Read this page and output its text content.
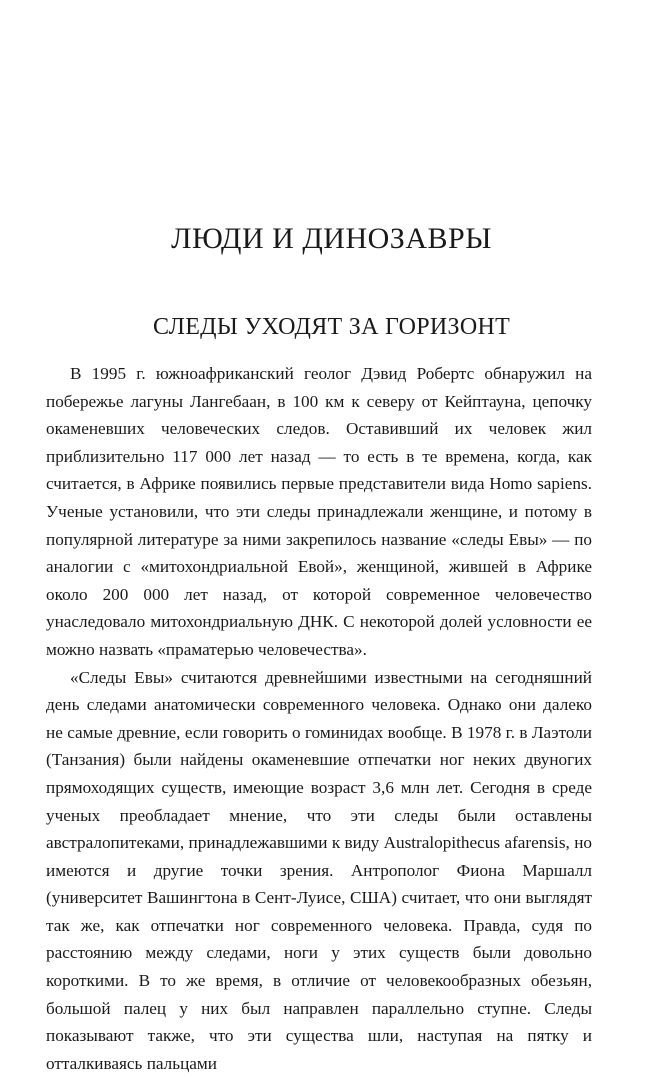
ЛЮДИ И ДИНОЗАВРЫ
СЛЕДЫ УХОДЯТ ЗА ГОРИЗОНТ

В 1995 г. южноафриканский геолог Дэвид Робертс обнаружил на побережье лагуны Лангебаан, в 100 км к северу от Кейптауна, цепочку окаменевших человеческих следов. Оставивший их человек жил приблизительно 117 000 лет назад — то есть в те времена, когда, как считается, в Африке появились первые представители вида Homo sapiens. Ученые установили, что эти следы принадлежали женщине, и потому в популярной литературе за ними закрепилось название «следы Евы» — по аналогии с «митохондриальной Евой», женщиной, жившей в Африке около 200 000 лет назад, от которой современное человечество унаследовало митохондриальную ДНК. С некоторой долей условности ее можно назвать «праматерью человечества».

«Следы Евы» считаются древнейшими известными на сегодняшний день следами анатомически современного человека. Однако они далеко не самые древние, если говорить о гоминидах вообще. В 1978 г. в Лаэтоли (Танзания) были найдены окаменевшие отпечатки ног неких двуногих прямоходящих существ, имеющие возраст 3,6 млн лет. Сегодня в среде ученых преобладает мнение, что эти следы были оставлены австралопитеками, принадлежавшими к виду Australopithecus afarensis, но имеются и другие точки зрения. Антрополог Фиона Маршалл (университет Вашингтона в Сент-Луисе, США) считает, что они выглядят так же, как отпечатки ног современного человека. Правда, судя по расстоянию между следами, ноги у этих существ были довольно короткими. В то же время, в отличие от человекообразных обезьян, большой палец у них был направлен параллельно ступне. Следы показывают также, что эти существа шли, наступая на пятку и отталкиваясь пальцами
